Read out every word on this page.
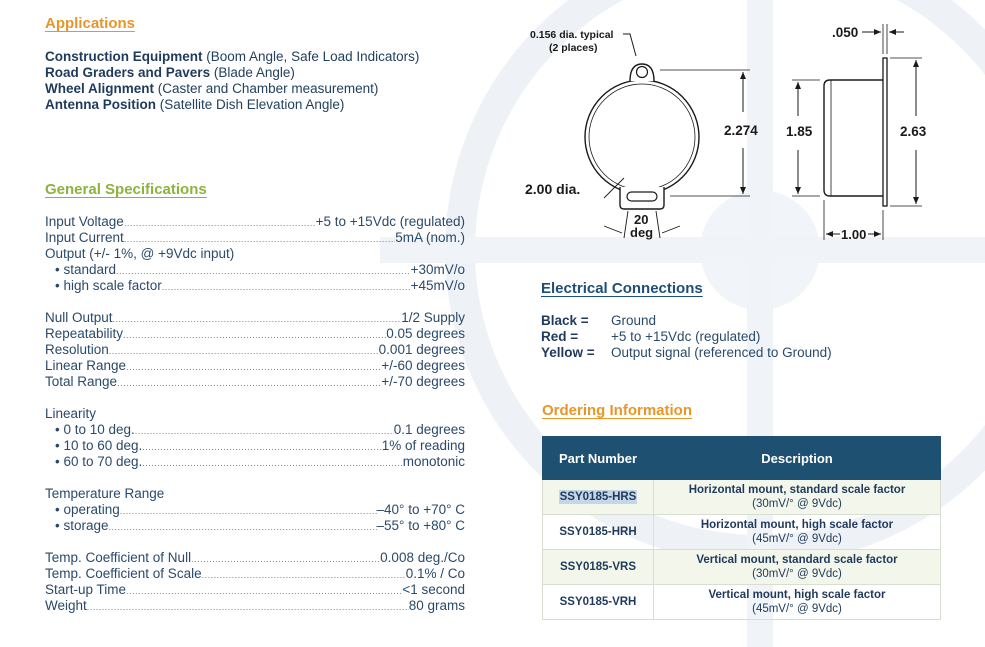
Applications
Construction Equipment (Boom Angle, Safe Load Indicators)
Road Graders and Pavers (Blade Angle)
Wheel Alignment (Caster and Chamber measurement)
Antenna Position (Satellite Dish Elevation Angle)
General Specifications
Input Voltage .....	+5 to +15Vdc (regulated)
Input Current .....	5mA (nom.)
Output (+/- 1%, @ +9Vdc input)
• standard .....	+30mV/o
• high scale factor .....	+45mV/o
Null Output .....	1/2 Supply
Repeatability .....	0.05 degrees
Resolution .....	0.001 degrees
Linear Range .....	+/-60 degrees
Total Range .....	+/-70 degrees
Linearity
• 0 to 10 deg. .....	0.1 degrees
• 10 to 60 deg. .....	1% of reading
• 60 to 70 deg. .....	monotonic
Temperature Range
• operating .....	–40° to +70° C
• storage .....	–55° to +80° C
Temp. Coefficient of Null .....	0.008 deg./Co
Temp. Coefficient of Scale .....	0.1% / Co
Start-up Time .....	<1 second
Weight .....	80 grams
0.156 dia. typical
(2 places)
2.00 dia.
20
deg
2.274 1.85	2.63
.050
1.00
Electrical Connections
Black =	Ground
Red =	+5 to +15Vdc (regulated)
Yellow =	Output signal (referenced to Ground)
Ordering Information
Part Number	Description
SSY0185-HRS	Horizontal mount, standard scale factor
(30mV/° @ 9Vdc)
SSY0185-HRH	Horizontal mount, high scale factor
(45mV/° @ 9Vdc)
SSY0185-VRS	Vertical mount, standard scale factor
(30mV/° @ 9Vdc)
SSY0185-VRH	Vertical mount, high scale factor
(45mV/° @ 9Vdc)
